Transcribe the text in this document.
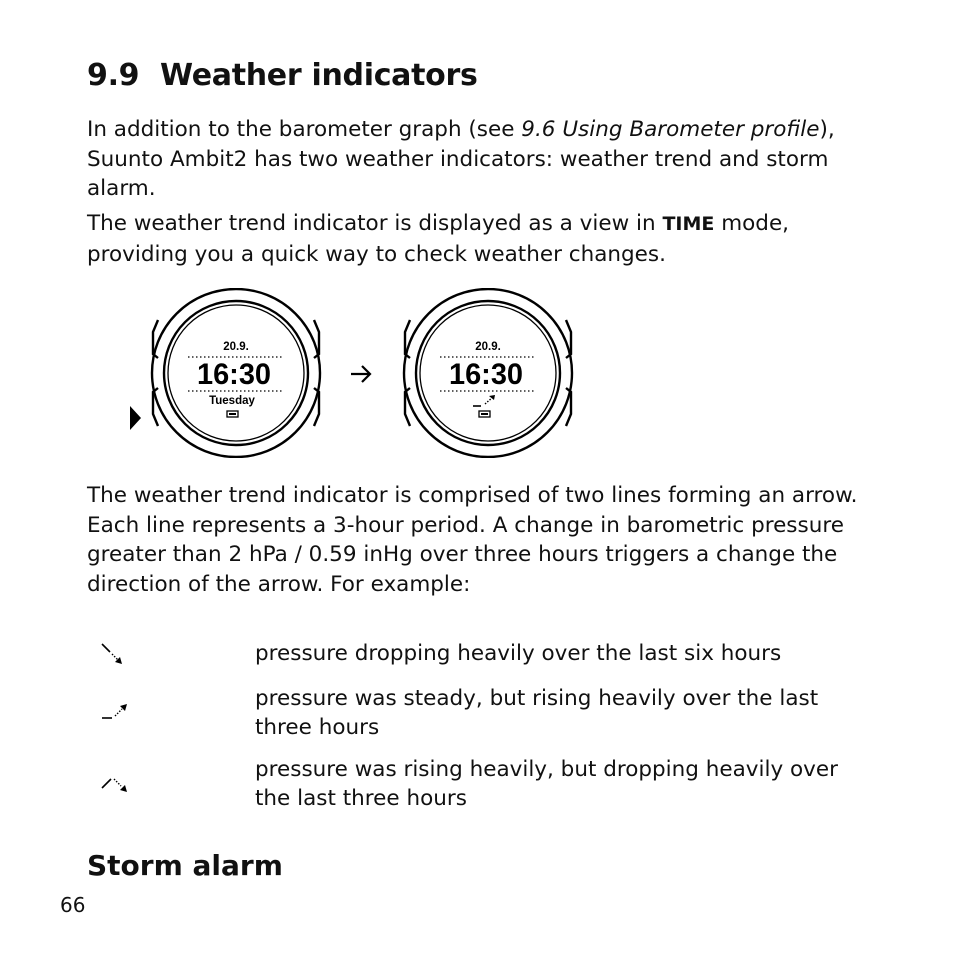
9.9 Weather indicators

In addition to the barometer graph (see 9.6 Using Barometer profile), Suunto Ambit2 has two weather indicators: weather trend and storm alarm.

The weather trend indicator is displayed as a view in TIME mode, providing you a quick way to check weather changes.

20.9.
16:30
Tuesday
20.9.
16:30

The weather trend indicator is comprised of two lines forming an arrow. Each line represents a 3-hour period. A change in barometric pressure greater than 2 hPa / 0.59 inHg over three hours triggers a change the direction of the arrow. For example:

pressure dropping heavily over the last six hours

pressure was steady, but rising heavily over the last three hours

pressure was rising heavily, but dropping heavily over the last three hours

Storm alarm
66
